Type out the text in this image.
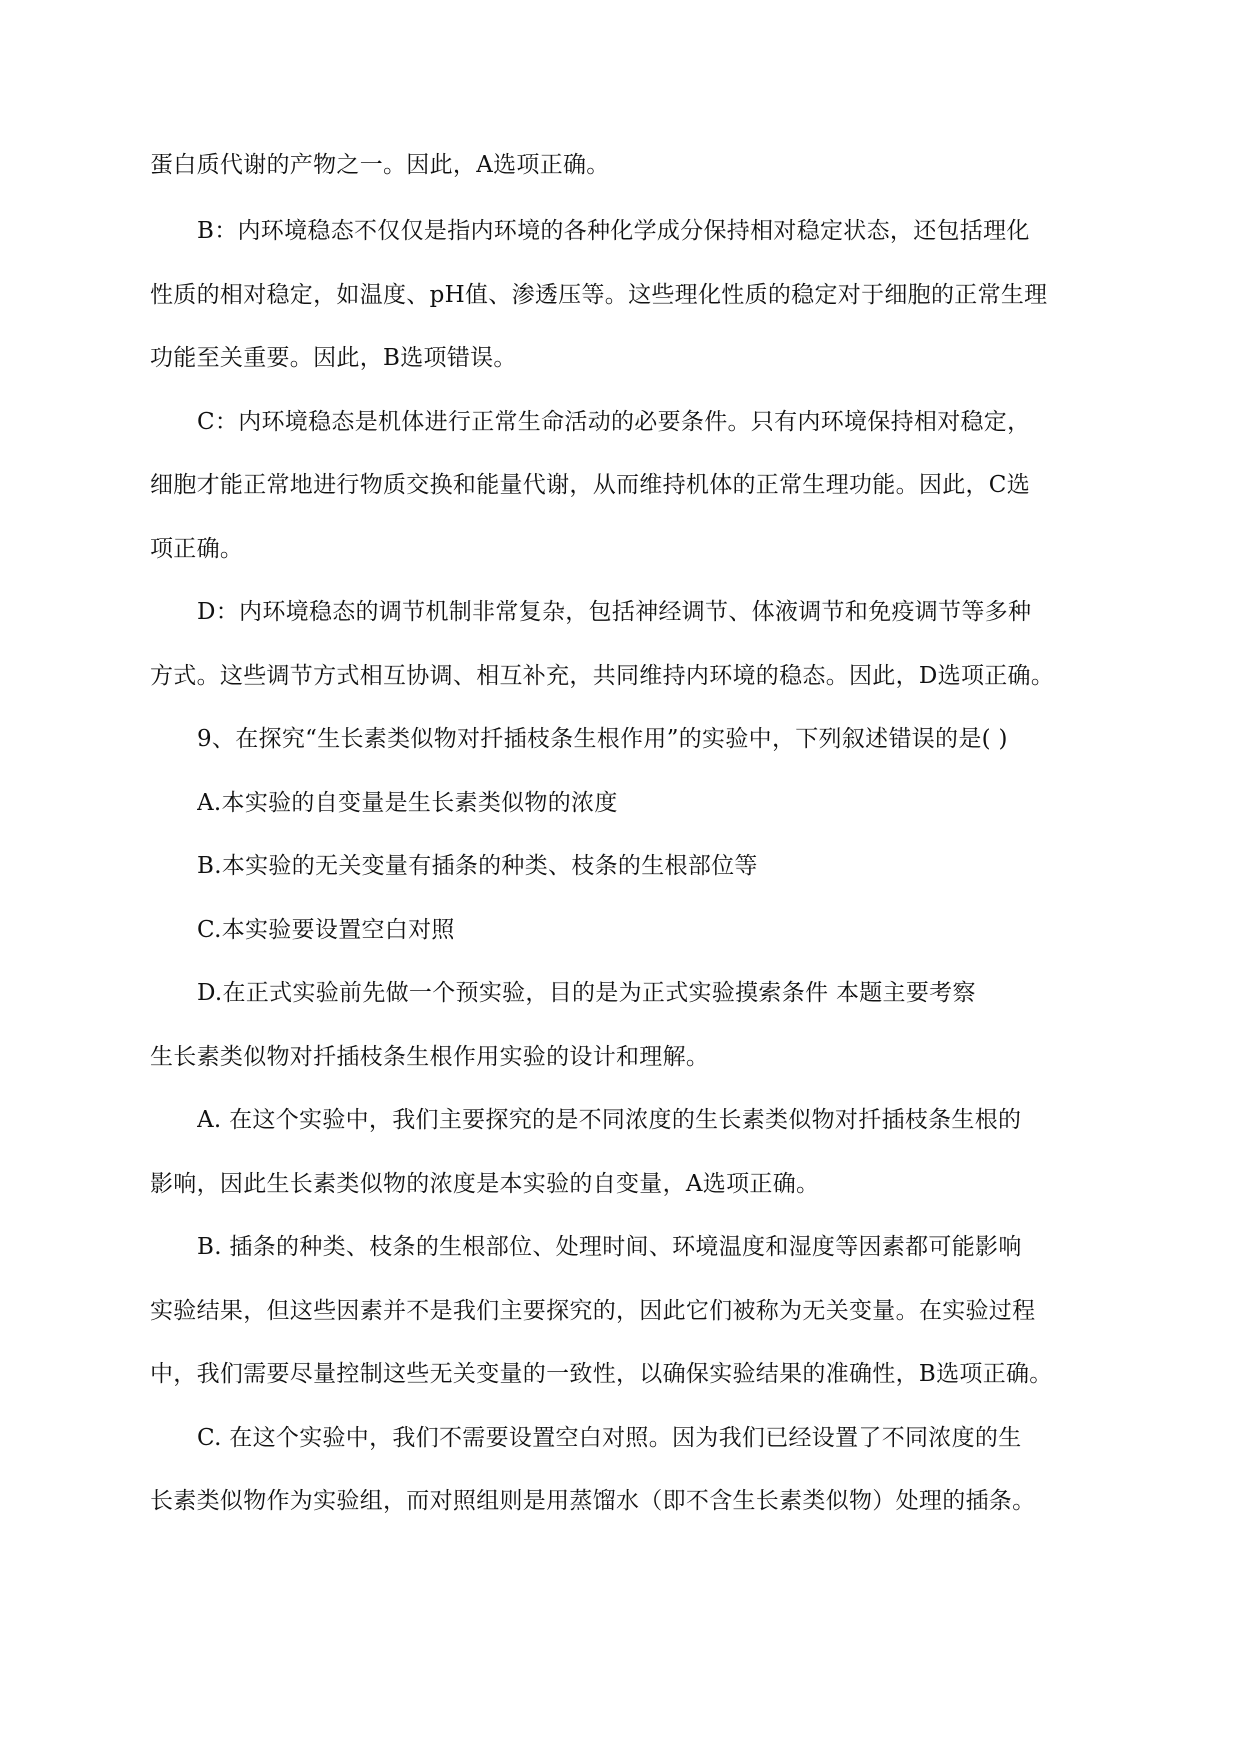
蛋白质代谢的产物之一。因此，A选项正确。
B：内环境稳态不仅仅是指内环境的各种化学成分保持相对稳定状态，还包括理化
性质的相对稳定，如温度、pH值、渗透压等。这些理化性质的稳定对于细胞的正常生理
功能至关重要。因此，B选项错误。
C：内环境稳态是机体进行正常生命活动的必要条件。只有内环境保持相对稳定，
细胞才能正常地进行物质交换和能量代谢，从而维持机体的正常生理功能。因此，C选
项正确。
D：内环境稳态的调节机制非常复杂，包括神经调节、体液调节和免疫调节等多种
方式。这些调节方式相互协调、相互补充，共同维持内环境的稳态。因此，D选项正确。
9、在探究“生长素类似物对扦插枝条生根作用”的实验中，下列叙述错误的是( )
A.本实验的自变量是生长素类似物的浓度
B.本实验的无关变量有插条的种类、枝条的生根部位等
C.本实验要设置空白对照
D.在正式实验前先做一个预实验，目的是为正式实验摸索条件 本题主要考察
生长素类似物对扦插枝条生根作用实验的设计和理解。
A. 在这个实验中，我们主要探究的是不同浓度的生长素类似物对扦插枝条生根的
影响，因此生长素类似物的浓度是本实验的自变量，A选项正确。
B. 插条的种类、枝条的生根部位、处理时间、环境温度和湿度等因素都可能影响
实验结果，但这些因素并不是我们主要探究的，因此它们被称为无关变量。在实验过程
中，我们需要尽量控制这些无关变量的一致性，以确保实验结果的准确性，B选项正确。
C. 在这个实验中，我们不需要设置空白对照。因为我们已经设置了不同浓度的生
长素类似物作为实验组，而对照组则是用蒸馏水（即不含生长素类似物）处理的插条。
